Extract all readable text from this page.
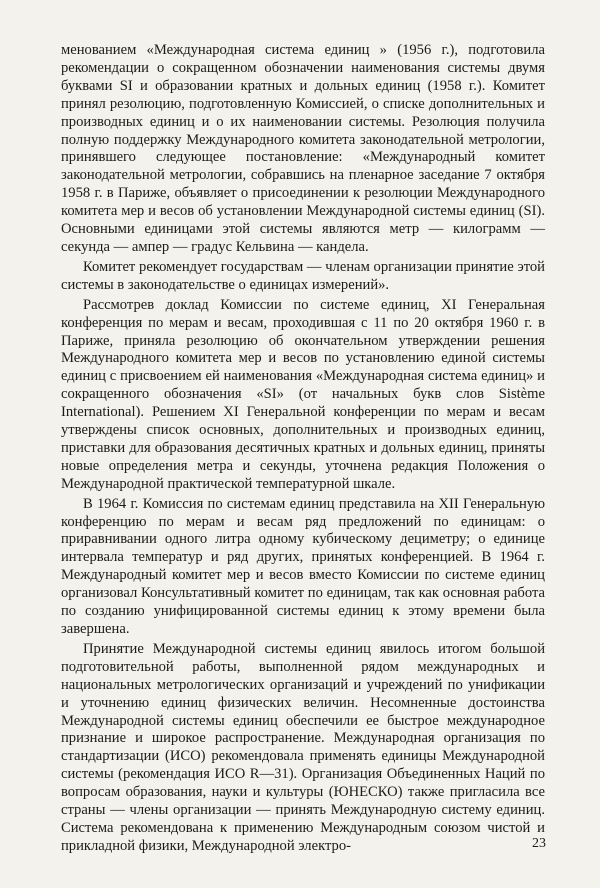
менованием «Международная система единиц » (1956 г.), подготовила рекомендации о сокращенном обозначении наименования системы двумя буквами SI и образовании кратных и дольных единиц (1958 г.). Комитет принял резолюцию, подготовленную Комиссией, о списке дополнительных и производных единиц и о их наименовании системы. Резолюция получила полную поддержку Международного комитета законодательной метрологии, принявшего следующее постановление: «Международный комитет законодательной метрологии, собравшись на пленарное заседание 7 октября 1958 г. в Париже, объявляет о присоединении к резолюции Международного комитета мер и весов об установлении Международной системы единиц (SI). Основными единицами этой системы являются метр — килограмм — секунда — ампер — градус Кельвина — кандела.

Комитет рекомендует государствам — членам организации принятие этой системы в законодательстве о единицах измерений».

Рассмотрев доклад Комиссии по системе единиц, XI Генеральная конференция по мерам и весам, проходившая с 11 по 20 октября 1960 г. в Париже, приняла резолюцию об окончательном утверждении решения Международного комитета мер и весов по установлению единой системы единиц с присвоением ей наименования «Международная система единиц» и сокращенного обозначения «SI» (от начальных букв слов Sistème International). Решением XI Генеральной конференции по мерам и весам утверждены список основных, дополнительных и производных единиц, приставки для образования десятичных кратных и дольных единиц, приняты новые определения метра и секунды, уточнена редакция Положения о Международной практической температурной шкале.

В 1964 г. Комиссия по системам единиц представила на XII Генеральную конференцию по мерам и весам ряд предложений по единицам: о приравнивании одного литра одному кубическому дециметру; о единице интервала температур и ряд других, принятых конференцией. В 1964 г. Международный комитет мер и весов вместо Комиссии по системе единиц организовал Консультативный комитет по единицам, так как основная работа по созданию унифицированной системы единиц к этому времени была завершена.

Принятие Международной системы единиц явилось итогом большой подготовительной работы, выполненной рядом международных и национальных метрологических организаций и учреждений по унификации и уточнению единиц физических величин. Несомненные достоинства Международной системы единиц обеспечили ее быстрое международное признание и широкое распространение. Международная организация по стандартизации (ИСО) рекомендовала применять единицы Международной системы (рекомендация ИСО R—31). Организация Объединенных Наций по вопросам образования, науки и культуры (ЮНЕСКО) также пригласила все страны — члены организации — принять Международную систему единиц. Система рекомендована к применению Международным союзом чистой и прикладной физики, Международной электро-	23
